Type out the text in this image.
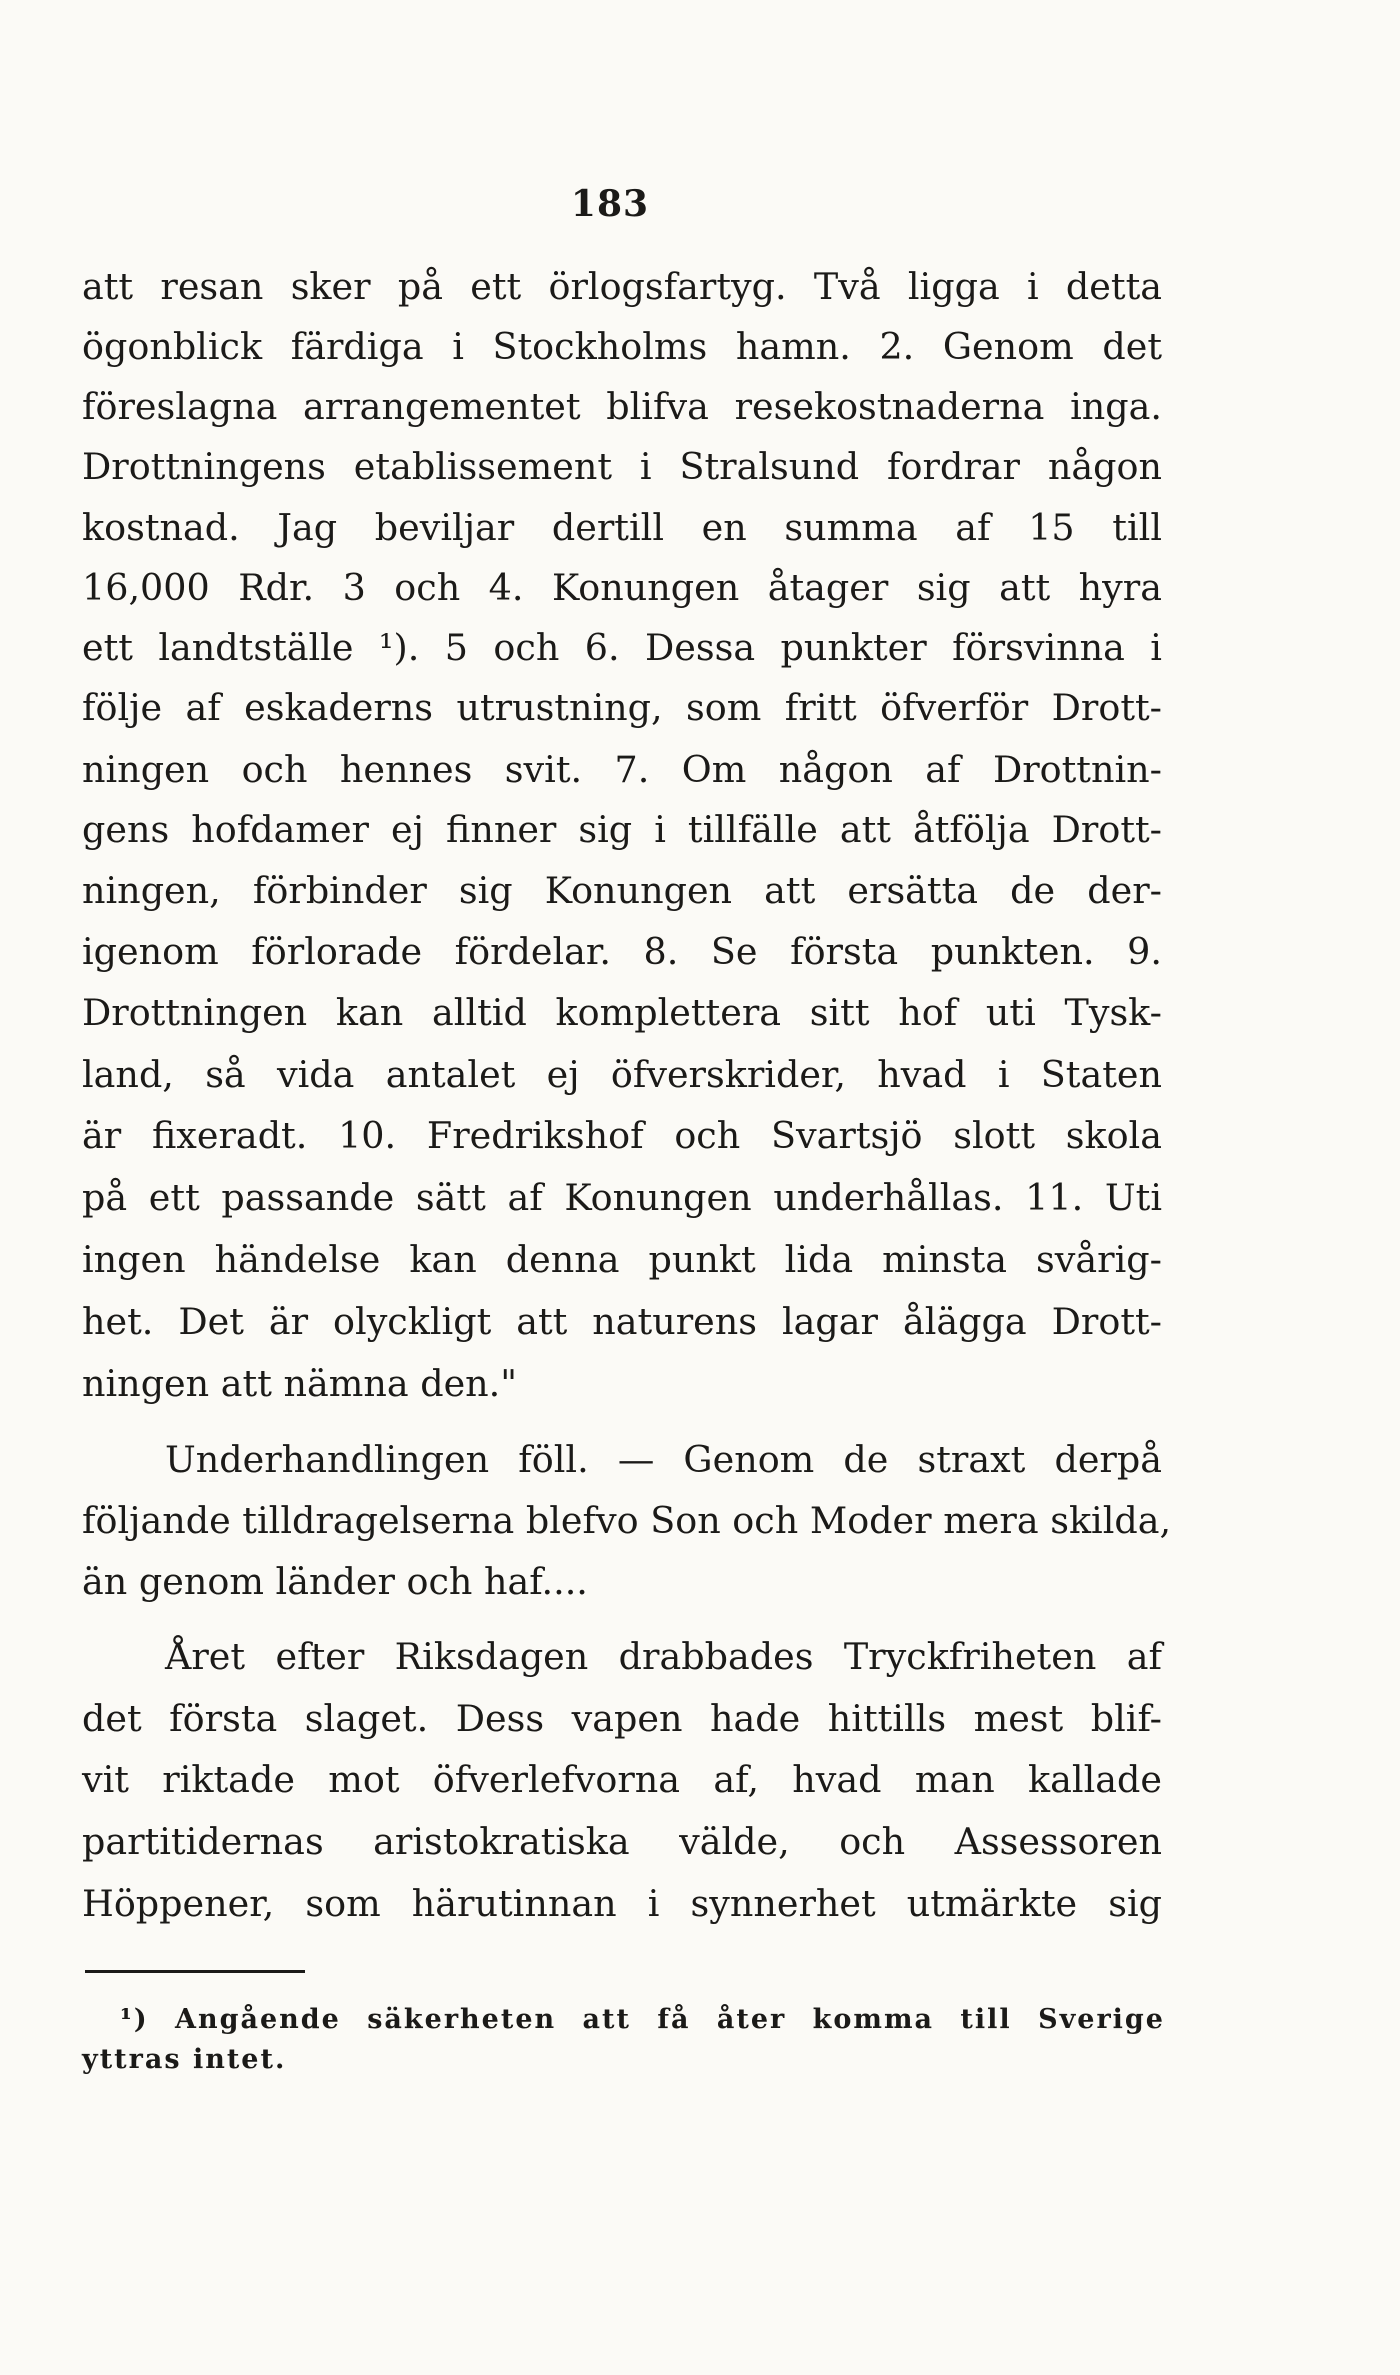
183
att resan sker på ett örlogsfartyg. Två ligga i detta
ögonblick färdiga i Stockholms hamn. 2. Genom det
föreslagna arrangementet blifva resekostnaderna inga.
Drottningens etablissement i Stralsund fordrar någon
kostnad. Jag beviljar dertill en summa af 15 till
16,000 Rdr. 3 och 4. Konungen åtager sig att hyra
ett landtställe ¹). 5 och 6. Dessa punkter försvinna i
följe af eskaderns utrustning, som fritt öfverför Drott-
ningen och hennes svit. 7. Om någon af Drottnin-
gens hofdamer ej finner sig i tillfälle att åtfölja Drott-
ningen, förbinder sig Konungen att ersätta de der-
igenom förlorade fördelar. 8. Se första punkten. 9.
Drottningen kan alltid komplettera sitt hof uti Tysk-
land, så vida antalet ej öfverskrider, hvad i Staten
är fixeradt. 10. Fredrikshof och Svartsjö slott skola
på ett passande sätt af Konungen underhållas. 11. Uti
ingen händelse kan denna punkt lida minsta svårig-
het. Det är olyckligt att naturens lagar ålägga Drott-
ningen att nämna den."
Underhandlingen föll. — Genom de straxt derpå
följande tilldragelserna blefvo Son och Moder mera skilda,
än genom länder och haf....
Året efter Riksdagen drabbades Tryckfriheten af
det första slaget. Dess vapen hade hittills mest blif-
vit riktade mot öfverlefvorna af, hvad man kallade
partitidernas aristokratiska välde, och Assessoren
Höppener, som härutinnan i synnerhet utmärkte sig
¹) Angående säkerheten att få åter komma till Sverige
yttras intet.
